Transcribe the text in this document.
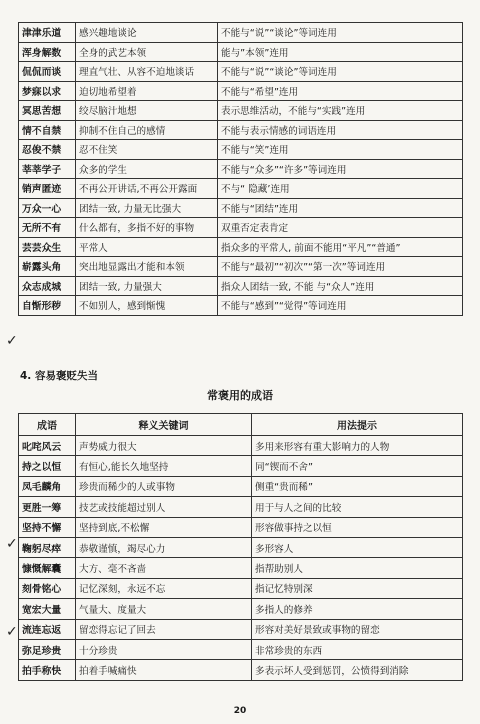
津津乐道	感兴趣地谈论	不能与“说”“谈论”等词连用
浑身解数	全身的武艺本领	能与”本领”连用
侃侃而谈	理直气壮、从容不迫地谈话	不能与“说”“谈论”等词连用
梦寐以求	迫切地希望着	不能与“希望”连用
冥思苦想	绞尽脑汁地想	表示思维活动，不能与“实践”连用
情不自禁	抑制不住自己的感情	不能与表示情感的词语连用
忍俊不禁	忍不住笑	不能与“笑”连用
莘莘学子	众多的学生	不能与“众多”“许多”等词连用
销声匿迹	不再公开讲话,不再公开露面	不与“ 隐藏’连用
万众一心	团结一致, 力量无比强大	不能与“团结”连用
无所不有	什么都有，多指不好的事物	双重否定表肯定
芸芸众生	平常人	指众多的平常人, 前面不能用“平凡”“普通”
崭露头角	突出地显露出才能和本领	不能与“最初”“初次”“第一次”等词连用
众志成城	团结一致, 力量强大	指众人团结一致, 不能 与“众人”连用
自惭形秽	不如别人，感到惭愧	不能与“感到”“觉得”等词连用
✓
4. 容易褒贬失当
常褒用的成语
成语	释义关键词	用法提示
叱咤风云	声势威力很大	多用来形容有重大影响力的人物
持之以恒	有恒心,能长久地坚持	同“锲而不舍”
凤毛麟角	珍贵而稀少的人或事物	侧重“贵而稀”
更胜一筹	技艺或技能超过别人	用于与人之间的比较
坚持不懈	坚持到底,不松懈	形容做事持之以恒
鞠躬尽瘁	恭敬谨慎，竭尽心力	多形容人
慷慨解囊	大方、毫不吝啬	指帮助别人
刻骨铭心	记忆深刻，永远不忘	指记忆特别深
宽宏大量	气量大、度量大	多指人的修养
流连忘返	留恋得忘记了回去	形容对美好景致或事物的留恋
弥足珍贵	十分珍贵	非常珍贵的东西
拍手称快	拍着手喊痛快	多表示坏人受到惩罚，公愤得到消除
✓
✓
20
